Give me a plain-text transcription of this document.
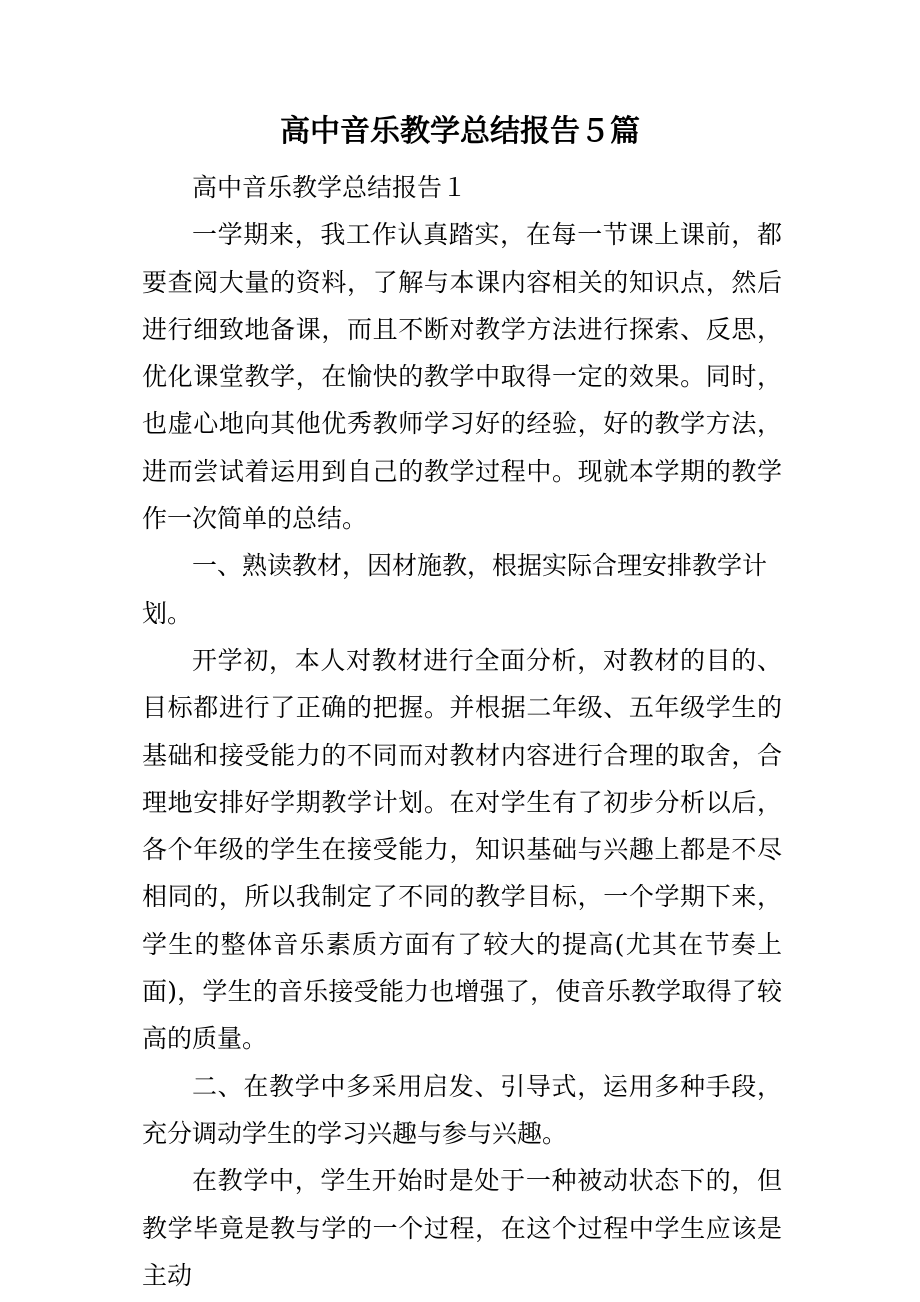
高中音乐教学总结报告５篇

高中音乐教学总结报告１

一学期来，我工作认真踏实，在每一节课上课前，都要查阅大量的资料，了解与本课内容相关的知识点，然后进行细致地备课，而且不断对教学方法进行探索、反思，优化课堂教学，在愉快的教学中取得一定的效果。同时，也虚心地向其他优秀教师学习好的经验，好的教学方法，进而尝试着运用到自己的教学过程中。现就本学期的教学作一次简单的总结。

一、熟读教材，因材施教，根据实际合理安排教学计划。

开学初，本人对教材进行全面分析，对教材的目的、目标都进行了正确的把握。并根据二年级、五年级学生的基础和接受能力的不同而对教材内容进行合理的取舍，合理地安排好学期教学计划。在对学生有了初步分析以后，各个年级的学生在接受能力，知识基础与兴趣上都是不尽相同的，所以我制定了不同的教学目标，一个学期下来，学生的整体音乐素质方面有了较大的提高(尤其在节奏上面)，学生的音乐接受能力也增强了，使音乐教学取得了较高的质量。

二、在教学中多采用启发、引导式，运用多种手段，充分调动学生的学习兴趣与参与兴趣。

在教学中，学生开始时是处于一种被动状态下的，但教学毕竟是教与学的一个过程，在这个过程中学生应该是主动
